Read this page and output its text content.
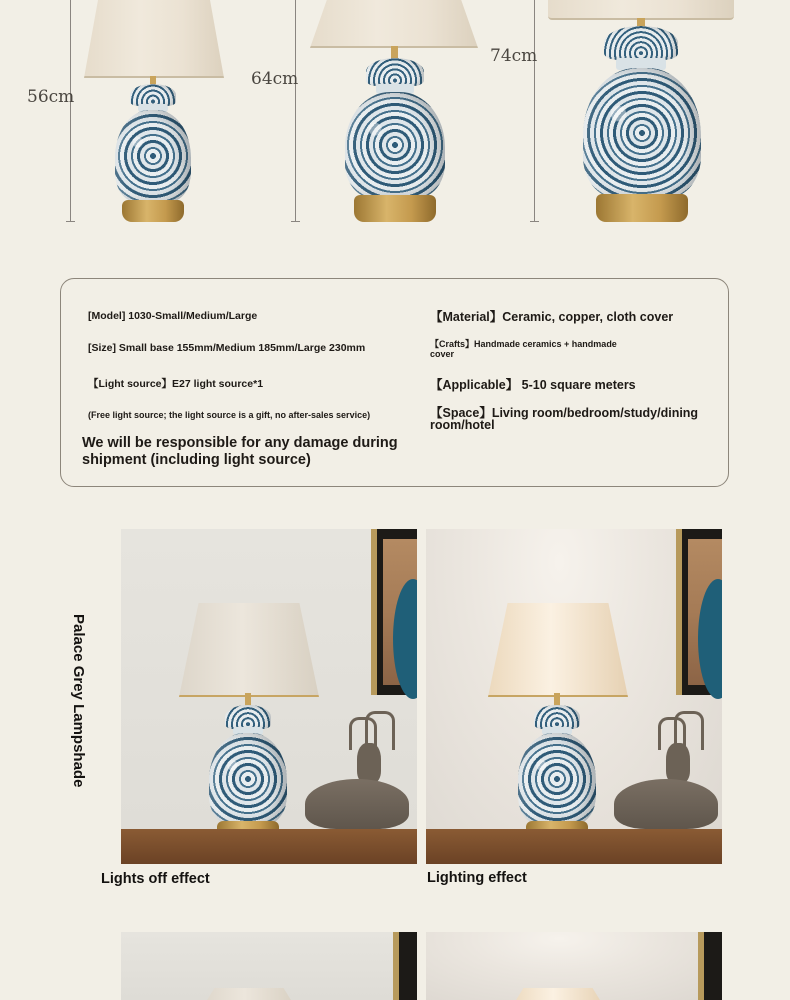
56cm
64cm
74cm
[Model] 1030-Small/Medium/Large
[Size] Small base 155mm/Medium 185mm/Large 230mm
【Light source】E27 light source*1
(Free light source; the light source is a gift, no after-sales service)
We will be responsible for any damage during
shipment (including light source)
【Material】Ceramic, copper, cloth cover
【Crafts】Handmade ceramics + handmade
cover
【Applicable】 5-10 square meters
【Space】Living room/bedroom/study/dining
room/hotel
Palace Grey Lampshade
Lights off effect	Lighting effect
